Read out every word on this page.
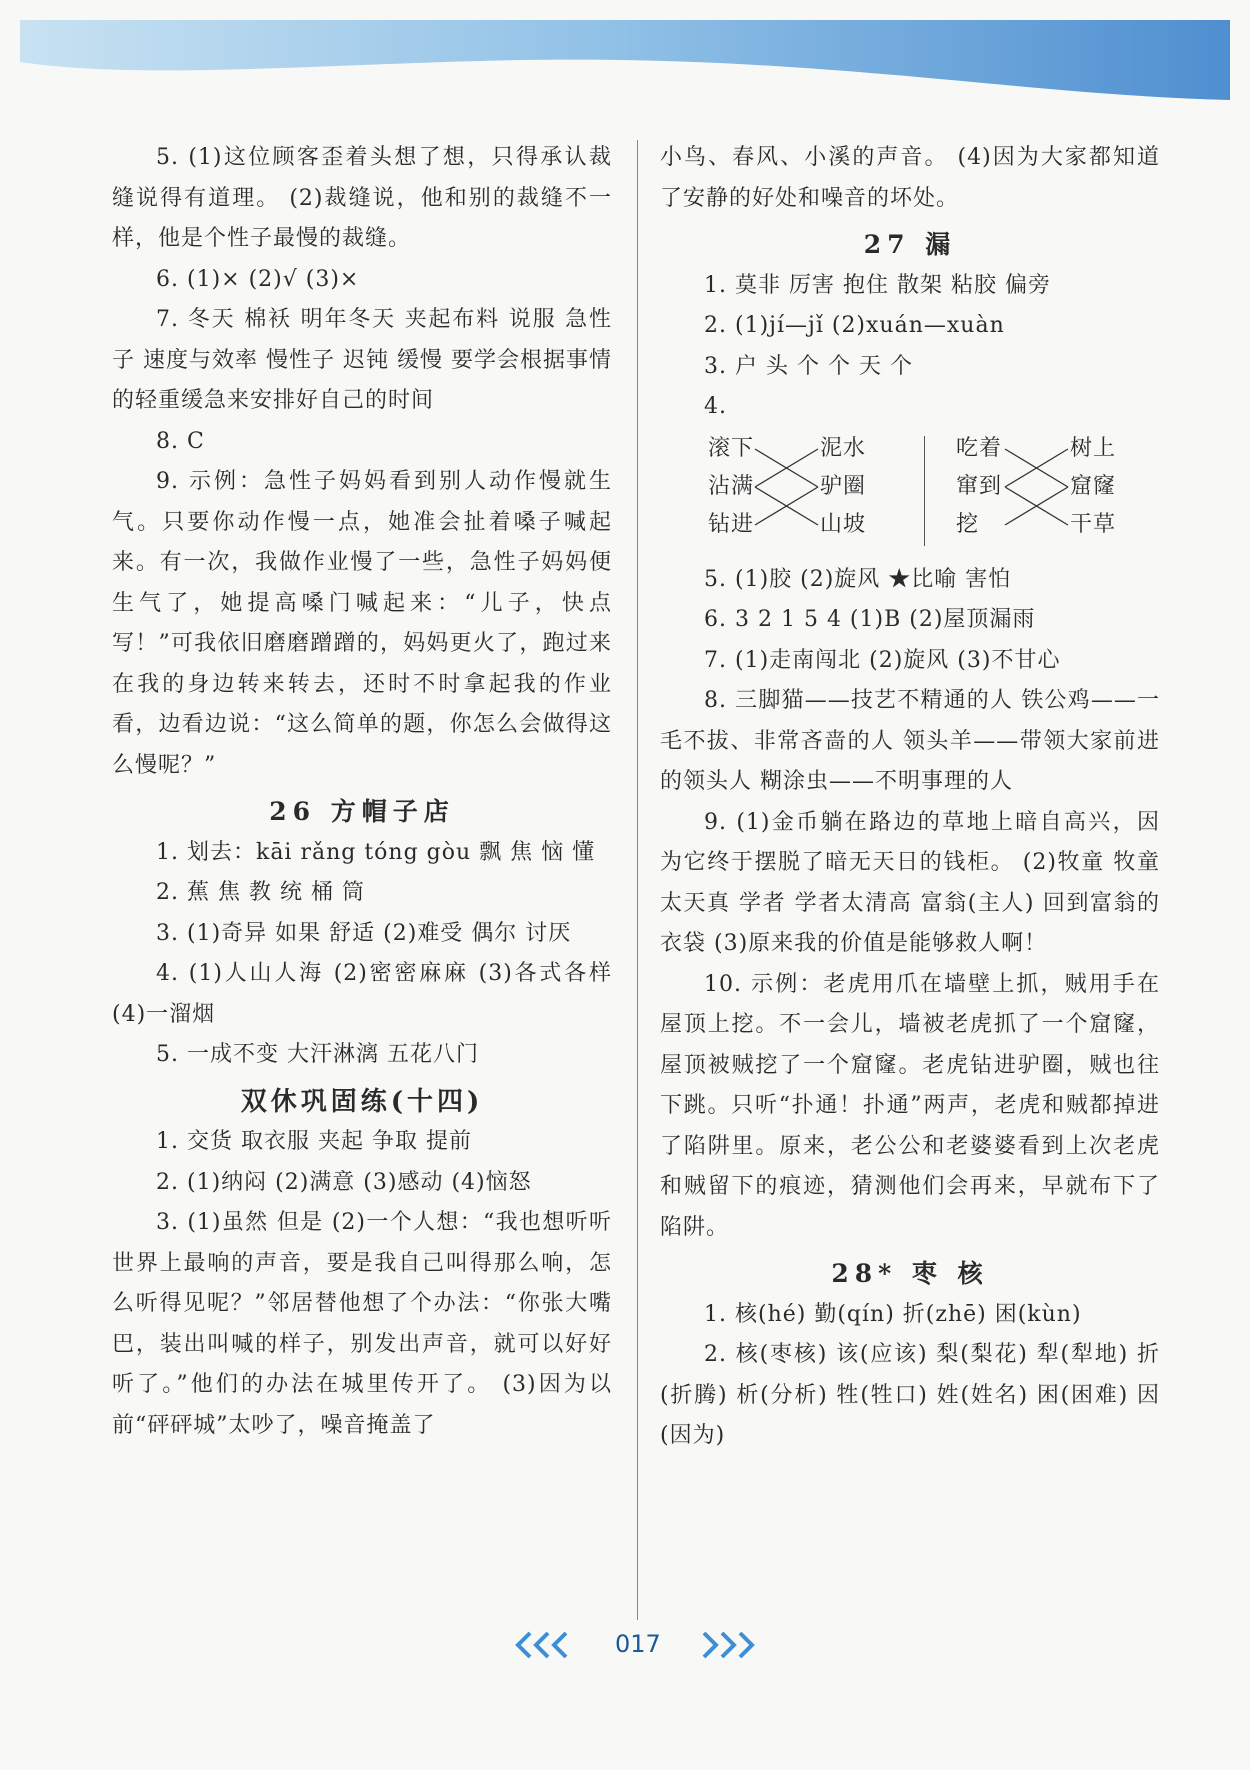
5. (1)这位顾客歪着头想了想，只得承认裁缝说得有道理。 (2)裁缝说，他和别的裁缝不一样，他是个性子最慢的裁缝。

6. (1)× (2)√ (3)×

7. 冬天 棉袄 明年冬天 夹起布料 说服 急性子 速度与效率 慢性子 迟钝 缓慢 要学会根据事情的轻重缓急来安排好自己的时间

8. C

9. 示例：急性子妈妈看到别人动作慢就生气。只要你动作慢一点，她准会扯着嗓子喊起来。有一次，我做作业慢了一些，急性子妈妈便生气了，她提高嗓门喊起来：“儿子，快点写！”可我依旧磨磨蹭蹭的，妈妈更火了，跑过来在我的身边转来转去，还时不时拿起我的作业看，边看边说：“这么简单的题，你怎么会做得这么慢呢？”

26 方帽子店

1. 划去：kāi rǎng tóng gòu 飘 焦 恼 懂

2. 蕉 焦 教 统 桶 筒

3. (1)奇异 如果 舒适 (2)难受 偶尔 讨厌

4. (1)人山人海 (2)密密麻麻 (3)各式各样 (4)一溜烟

5. 一成不变 大汗淋漓 五花八门

双休巩固练(十四)

1. 交货 取衣服 夹起 争取 提前

2. (1)纳闷 (2)满意 (3)感动 (4)恼怒

3. (1)虽然 但是 (2)一个人想：“我也想听听世界上最响的声音，要是我自己叫得那么响，怎么听得见呢？”邻居替他想了个办法：“你张大嘴巴，装出叫喊的样子，别发出声音，就可以好好听了。”他们的办法在城里传开了。 (3)因为以前“砰砰城”太吵了，噪音掩盖了

小鸟、春风、小溪的声音。 (4)因为大家都知道了安静的好处和噪音的坏处。

27 漏

1. 莫非 厉害 抱住 散架 粘胶 偏旁

2. (1)jí—jǐ (2)xuán—xuàn

3. 户 头 个 个 天 个

4.

滚下
沾满
钻进
泥水
驴圈
山坡
吃着
窜到
挖
树上
窟窿
干草

5. (1)胶 (2)旋风 ★比喻 害怕

6. 3 2 1 5 4 (1)B (2)屋顶漏雨

7. (1)走南闯北 (2)旋风 (3)不甘心

8. 三脚猫——技艺不精通的人 铁公鸡——一毛不拔、非常吝啬的人 领头羊——带领大家前进的领头人 糊涂虫——不明事理的人

9. (1)金币躺在路边的草地上暗自高兴，因为它终于摆脱了暗无天日的钱柜。 (2)牧童 牧童太天真 学者 学者太清高 富翁(主人) 回到富翁的衣袋 (3)原来我的价值是能够救人啊！

10. 示例：老虎用爪在墙壁上抓，贼用手在屋顶上挖。不一会儿，墙被老虎抓了一个窟窿，屋顶被贼挖了一个窟窿。老虎钻进驴圈，贼也往下跳。只听“扑通！扑通”两声，老虎和贼都掉进了陷阱里。原来，老公公和老婆婆看到上次老虎和贼留下的痕迹，猜测他们会再来，早就布下了陷阱。

28* 枣 核

1. 核(hé) 勤(qín) 折(zhē) 困(kùn)

2. 核(枣核) 该(应该) 梨(梨花) 犁(犁地) 折(折腾) 析(分析) 牲(牲口) 姓(姓名) 困(困难) 因(因为)

017
